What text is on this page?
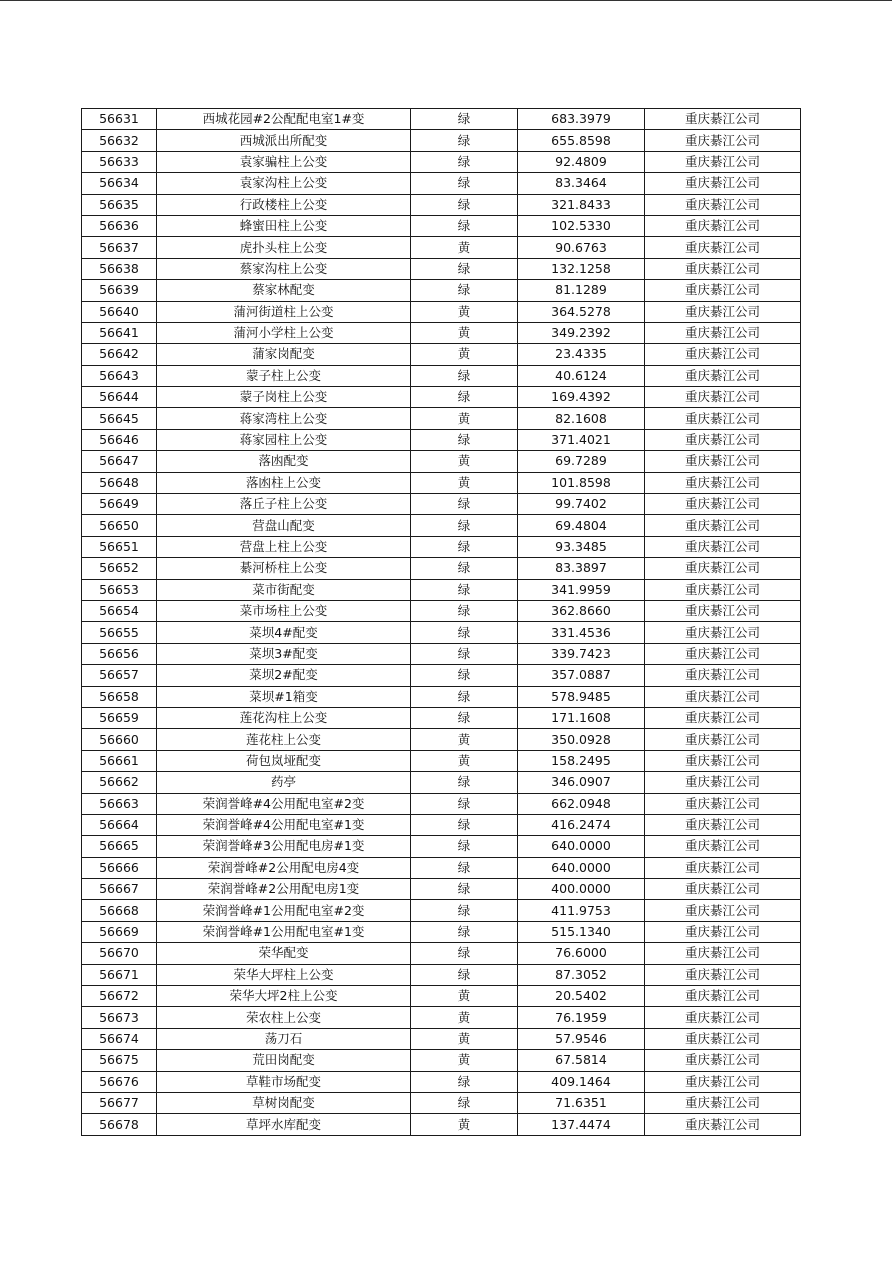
56631	西城花园#2公配配电室1#变	绿	683.3979	重庆綦江公司
56632	西城派出所配变	绿	655.8598	重庆綦江公司
56633	袁家骗柱上公变	绿	92.4809	重庆綦江公司
56634	袁家沟柱上公变	绿	83.3464	重庆綦江公司
56635	行政楼柱上公变	绿	321.8433	重庆綦江公司
56636	蜂蜜田柱上公变	绿	102.5330	重庆綦江公司
56637	虎扑头柱上公变	黄	90.6763	重庆綦江公司
56638	蔡家沟柱上公变	绿	132.1258	重庆綦江公司
56639	蔡家林配变	绿	81.1289	重庆綦江公司
56640	蒲河街道柱上公变	黄	364.5278	重庆綦江公司
56641	蒲河小学柱上公变	黄	349.2392	重庆綦江公司
56642	蒲家岗配变	黄	23.4335	重庆綦江公司
56643	蒙子柱上公变	绿	40.6124	重庆綦江公司
56644	蒙子岗柱上公变	绿	169.4392	重庆綦江公司
56645	蒋家湾柱上公变	黄	82.1608	重庆綦江公司
56646	蒋家园柱上公变	绿	371.4021	重庆綦江公司
56647	落凼配变	黄	69.7289	重庆綦江公司
56648	落凼柱上公变	黄	101.8598	重庆綦江公司
56649	落丘子柱上公变	绿	99.7402	重庆綦江公司
56650	营盘山配变	绿	69.4804	重庆綦江公司
56651	营盘上柱上公变	绿	93.3485	重庆綦江公司
56652	綦河桥柱上公变	绿	83.3897	重庆綦江公司
56653	菜市街配变	绿	341.9959	重庆綦江公司
56654	菜市场柱上公变	绿	362.8660	重庆綦江公司
56655	菜坝4#配变	绿	331.4536	重庆綦江公司
56656	菜坝3#配变	绿	339.7423	重庆綦江公司
56657	菜坝2#配变	绿	357.0887	重庆綦江公司
56658	菜坝#1箱变	绿	578.9485	重庆綦江公司
56659	莲花沟柱上公变	绿	171.1608	重庆綦江公司
56660	莲花柱上公变	黄	350.0928	重庆綦江公司
56661	荷包岚垭配变	黄	158.2495	重庆綦江公司
56662	药亭	绿	346.0907	重庆綦江公司
56663	荣润誉峰#4公用配电室#2变	绿	662.0948	重庆綦江公司
56664	荣润誉峰#4公用配电室#1变	绿	416.2474	重庆綦江公司
56665	荣润誉峰#3公用配电房#1变	绿	640.0000	重庆綦江公司
56666	荣润誉峰#2公用配电房4变	绿	640.0000	重庆綦江公司
56667	荣润誉峰#2公用配电房1变	绿	400.0000	重庆綦江公司
56668	荣润誉峰#1公用配电室#2变	绿	411.9753	重庆綦江公司
56669	荣润誉峰#1公用配电室#1变	绿	515.1340	重庆綦江公司
56670	荣华配变	绿	76.6000	重庆綦江公司
56671	荣华大坪柱上公变	绿	87.3052	重庆綦江公司
56672	荣华大坪2柱上公变	黄	20.5402	重庆綦江公司
56673	荣农柱上公变	黄	76.1959	重庆綦江公司
56674	荡刀石	黄	57.9546	重庆綦江公司
56675	荒田岗配变	黄	67.5814	重庆綦江公司
56676	草鞋市场配变	绿	409.1464	重庆綦江公司
56677	草树岗配变	绿	71.6351	重庆綦江公司
56678	草坪水库配变	黄	137.4474	重庆綦江公司
